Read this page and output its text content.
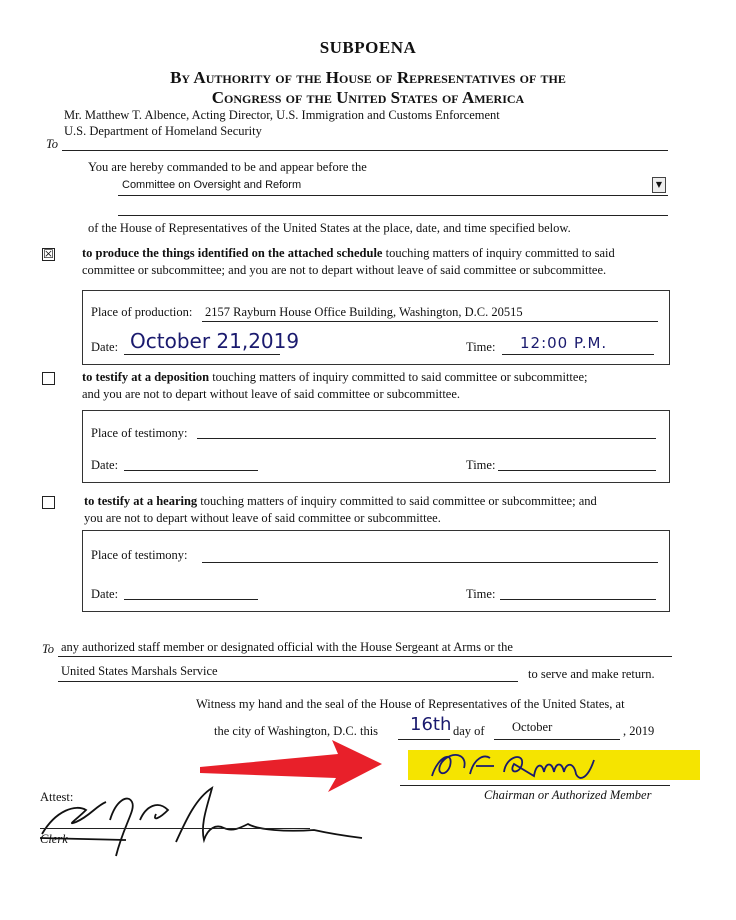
SUBPOENA
By Authority of the House of Representatives of the
Congress of the United States of America
Mr. Matthew T. Albence, Acting Director, U.S. Immigration and Customs Enforcement
U.S. Department of Homeland Security
To
You are hereby commanded to be and appear before the
Committee on Oversight and Reform	▼
of the House of Representatives of the United States at the place, date, and time specified below.
☒ to produce the things identified on the attached schedule touching matters of inquiry committed to said
committee or subcommittee; and you are not to depart without leave of said committee or subcommittee.
Place of production: 2157 Rayburn House Office Building, Washington, D.C. 20515
Date: October 21,2019	Time: 12:00 P.M.
to testify at a deposition touching matters of inquiry committed to said committee or subcommittee;
and you are not to depart without leave of said committee or subcommittee.
Place of testimony:
Date:	Time:
to testify at a hearing touching matters of inquiry committed to said committee or subcommittee; and
you are not to depart without leave of said committee or subcommittee.
Place of testimony:
Date:	Time:
To any authorized staff member or designated official with the House Sergeant at Arms or the
United States Marshals Service	to serve and make return.
Witness my hand and the seal of the House of Representatives of the United States, at
the city of Washington, D.C. this 16th day of October	, 2019
Chairman or Authorized Member
Attest:
Clerk
